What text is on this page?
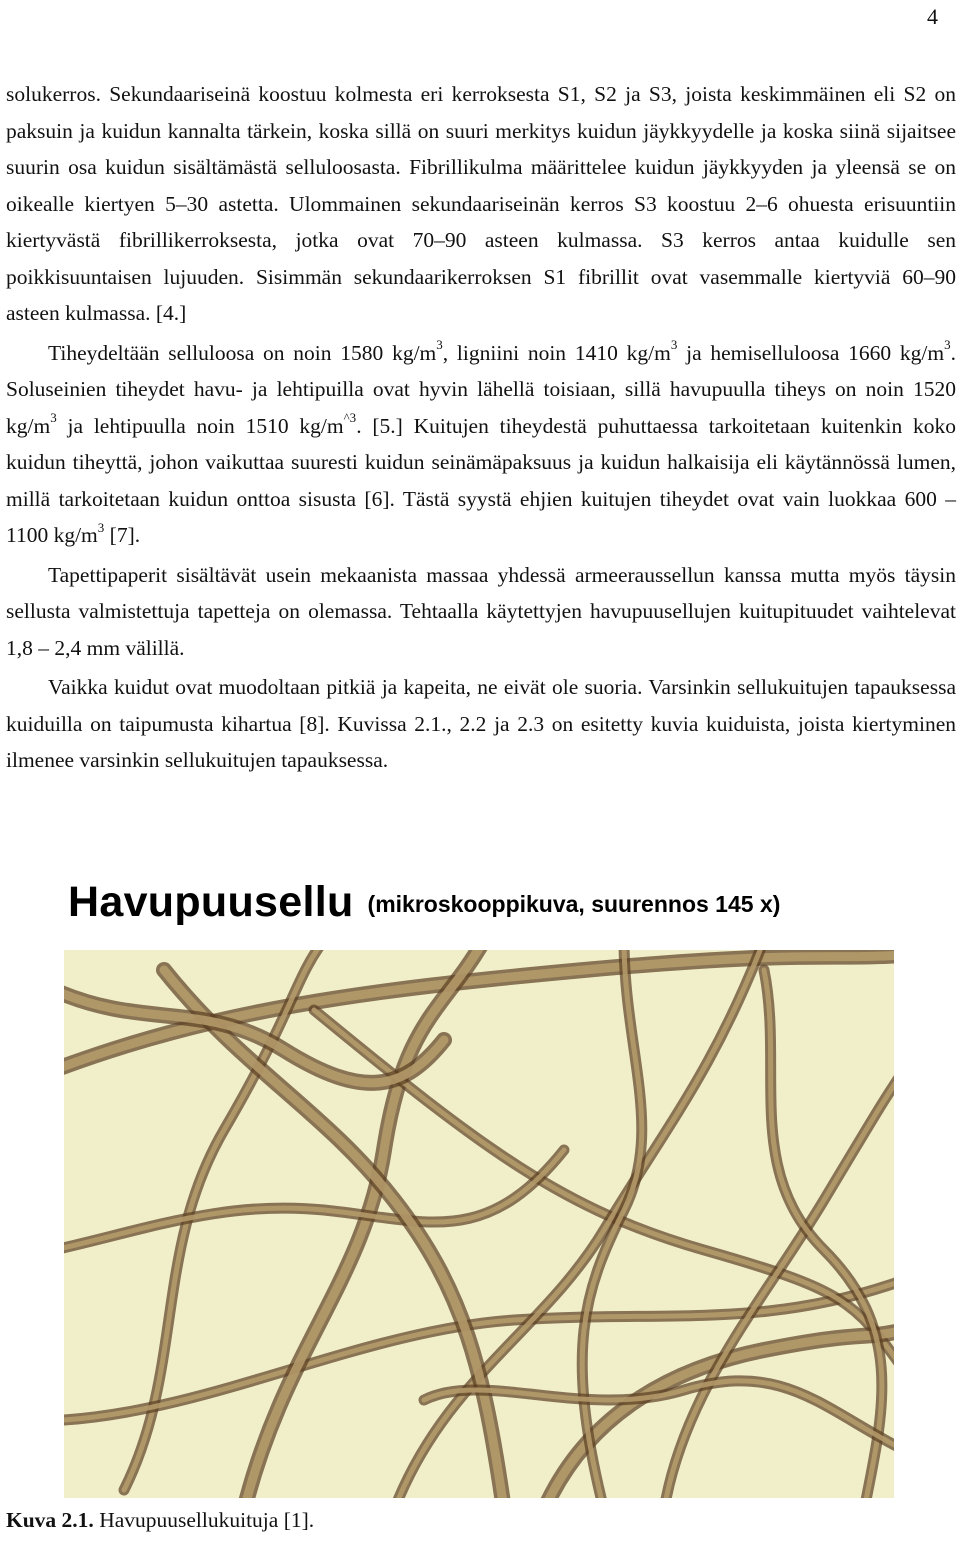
4

solukerros. Sekundaariseinä koostuu kolmesta eri kerroksesta S1, S2 ja S3, joista keskimmäinen eli S2 on paksuin ja kuidun kannalta tärkein, koska sillä on suuri merkitys kuidun jäykkyydelle ja koska siinä sijaitsee suurin osa kuidun sisältämästä selluloosasta. Fibrillikulma määrittelee kuidun jäykkyyden ja yleensä se on oikealle kiertyen 5–30 astetta. Ulommainen sekundaariseinän kerros S3 koostuu 2–6 ohuesta erisuuntiin kiertyvästä fibrillikerroksesta, jotka ovat 70–90 asteen kulmassa. S3 kerros antaa kuidulle sen poikkisuuntaisen lujuuden. Sisimmän sekundaarikerroksen S1 fibrillit ovat vasemmalle kiertyviä 60–90 asteen kulmassa. [4.]

Tiheydeltään selluloosa on noin 1580 $kg/m^3$, ligniini noin 1410 $kg/m^3$ ja hemiselluloosa 1660 $kg/m^3$. Soluseinien tiheydet havu- ja lehtipuilla ovat hyvin lähellä toisiaan, sillä havupuulla tiheys on noin 1520 $kg/m^3$ ja lehtipuulla noin 1510 $kg/m^{\^{}3}$. [5.] Kuitujen tiheydestä puhuttaessa tarkoitetaan kuitenkin koko kuidun tiheyttä, johon vaikuttaa suuresti kuidun seinämäpaksuus ja kuidun halkaisija eli käytännössä lumen, millä tarkoitetaan kuidun onttoa sisusta [6]. Tästä syystä ehjien kuitujen tiheydet ovat vain luokkaa 600 – 1100 $kg/m^3$ [7].

Tapettipaperit sisältävät usein mekaanista massaa yhdessä armeeraussellun kanssa mutta myös täysin sellusta valmistettuja tapetteja on olemassa. Tehtaalla käytettyjen havupuusellujen kuitupituudet vaihtelevat 1,8 – 2,4 mm välillä.

Vaikka kuidut ovat muodoltaan pitkiä ja kapeita, ne eivät ole suoria. Varsinkin sellukuitujen tapauksessa kuiduilla on taipumusta kihartua [8]. Kuvissa 2.1., 2.2 ja 2.3 on esitetty kuvia kuiduista, joista kiertyminen ilmenee varsinkin sellukuitujen tapauksessa.

Havupuusellu (mikroskooppikuva, suurennos 145 x)
Kuva 2.1. Havupuusellukuituja [1].
